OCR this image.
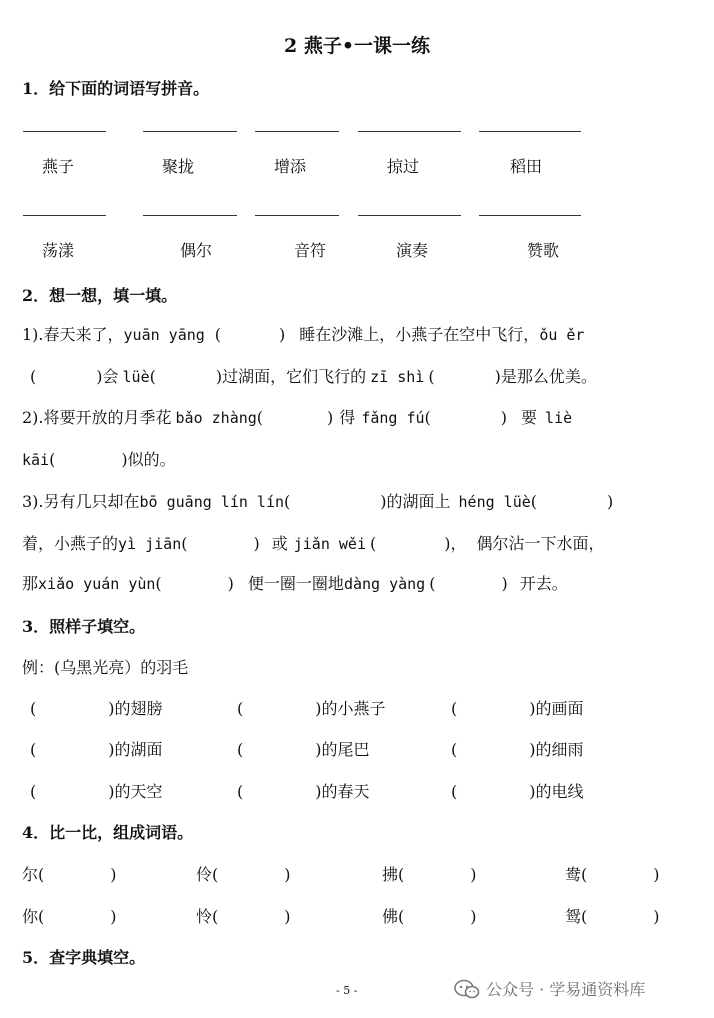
2 燕子•一课一练
1．给下面的词语写拼音。
燕子	聚拢	增添	掠过	稻田
荡漾	偶尔	音符	演奏	赞歌
2．想一想，填一填。
1).春天来了，yuān yāng (	) 睡在沙滩上，小燕子在空中飞行，ǒu ěr
(	)会 lüè(	)过湖面，它们飞行的 zī shì (	)是那么优美。
2).将要开放的月季花 bǎo zhàng(	) 得 fǎng fú(	) 要 liè
kāi(	)似的。
3).另有几只却在bō guāng lín lín(	)的湖面上 héng lüè(	)
着，小燕子的yì jiān(	) 或 jiǎn wěi (	)， 偶尔沾一下水面，
那xiǎo yuán yùn(	) 便一圈一圈地dàng yàng (	) 开去。
3．照样子填空。
例：(乌黑光亮）的羽毛
(	)的翅膀	(	)的小燕子	(	)的画面
(	)的湖面	(	)的尾巴	(	)的细雨
(	)的天空	(	)的春天	(	)的电线
4．比一比，组成词语。
尔(	)	伶(	)	拂(	)	鸯(	)
你(	)	怜(	)	佛(	)	鸳(	)
5．查字典填空。
- 5 -	公众号 · 学易通资料库
